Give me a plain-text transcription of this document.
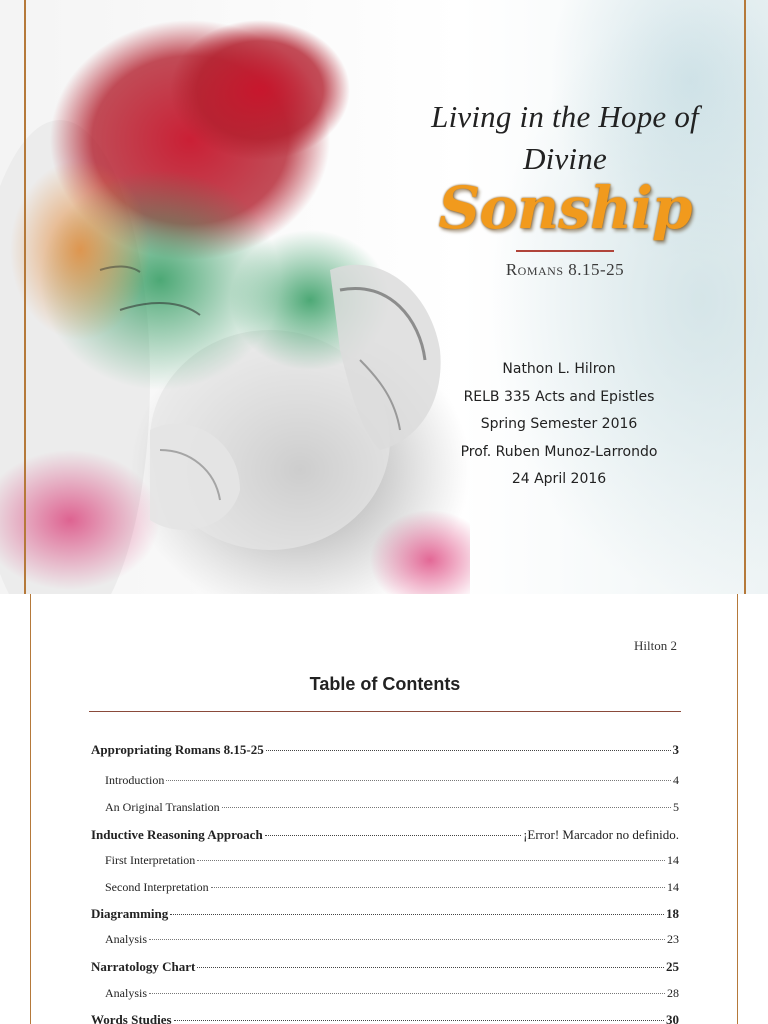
Living in the Hope of
Divine
Sonship
Romans 8.15-25
Nathon L. Hilron
RELB 335 Acts and Epistles
Spring Semester 2016
Prof. Ruben Munoz-Larrondo
24 April 2016
Hilton 2
Table of Contents
Appropriating Romans 8.15-25	3
Introduction	4
An Original Translation	5
Inductive Reasoning Approach	¡Error! Marcador no definido.
First Interpretation	14
Second Interpretation	14
Diagramming	18
Analysis	23
Narratology Chart	25
Analysis	28
Words Studies	30
